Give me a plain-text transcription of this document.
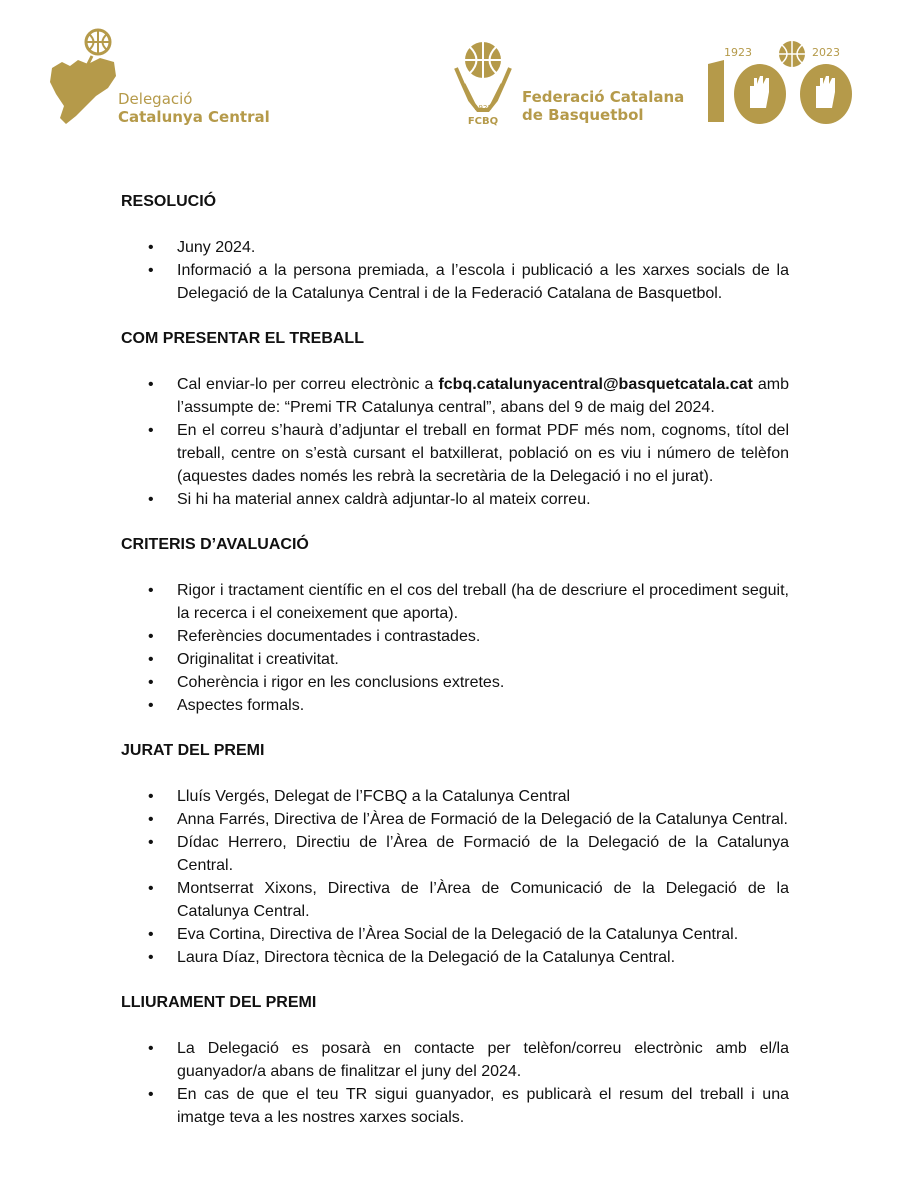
Delegació
Catalunya Central	1923
FCBQ
Federació Catalana
de Basquetbol
1923	2023
RESOLUCIÓ
• Juny 2024.
• Informació a la persona premiada, a l’escola i publicació a les xarxes socials de la Delegació de la Catalunya Central i de la Federació Catalana de Basquetbol.
COM PRESENTAR EL TREBALL
• Cal enviar-lo per correu electrònic a fcbq.catalunyacentral@basquetcatala.cat amb l’assumpte de: “Premi TR Catalunya central”, abans del 9 de maig del 2024.
• En el correu s’haurà d’adjuntar el treball en format PDF més nom, cognoms, títol del treball, centre on s’està cursant el batxillerat, població on es viu i número de telèfon (aquestes dades només les rebrà la secretària de la Delegació i no el jurat).
• Si hi ha material annex caldrà adjuntar-lo al mateix correu.
CRITERIS D’AVALUACIÓ
• Rigor i tractament científic en el cos del treball (ha de descriure el procediment seguit, la recerca i el coneixement que aporta).
• Referències documentades i contrastades.
• Originalitat i creativitat.
• Coherència i rigor en les conclusions extretes.
• Aspectes formals.
JURAT DEL PREMI
• Lluís Vergés, Delegat de l’FCBQ a la Catalunya Central
• Anna Farrés, Directiva de l’Àrea de Formació de la Delegació de la Catalunya Central.
• Dídac Herrero, Directiu de l’Àrea de Formació de la Delegació de la Catalunya Central.
• Montserrat Xixons, Directiva de l’Àrea de Comunicació de la Delegació de la Catalunya Central.
• Eva Cortina, Directiva de l’Àrea Social de la Delegació de la Catalunya Central.
• Laura Díaz, Directora tècnica de la Delegació de la Catalunya Central.
LLIURAMENT DEL PREMI
• La Delegació es posarà en contacte per telèfon/correu electrònic amb el/la guanyador/a abans de finalitzar el juny del 2024.
• En cas de que el teu TR sigui guanyador, es publicarà el resum del treball i una imatge teva a les nostres xarxes socials.
